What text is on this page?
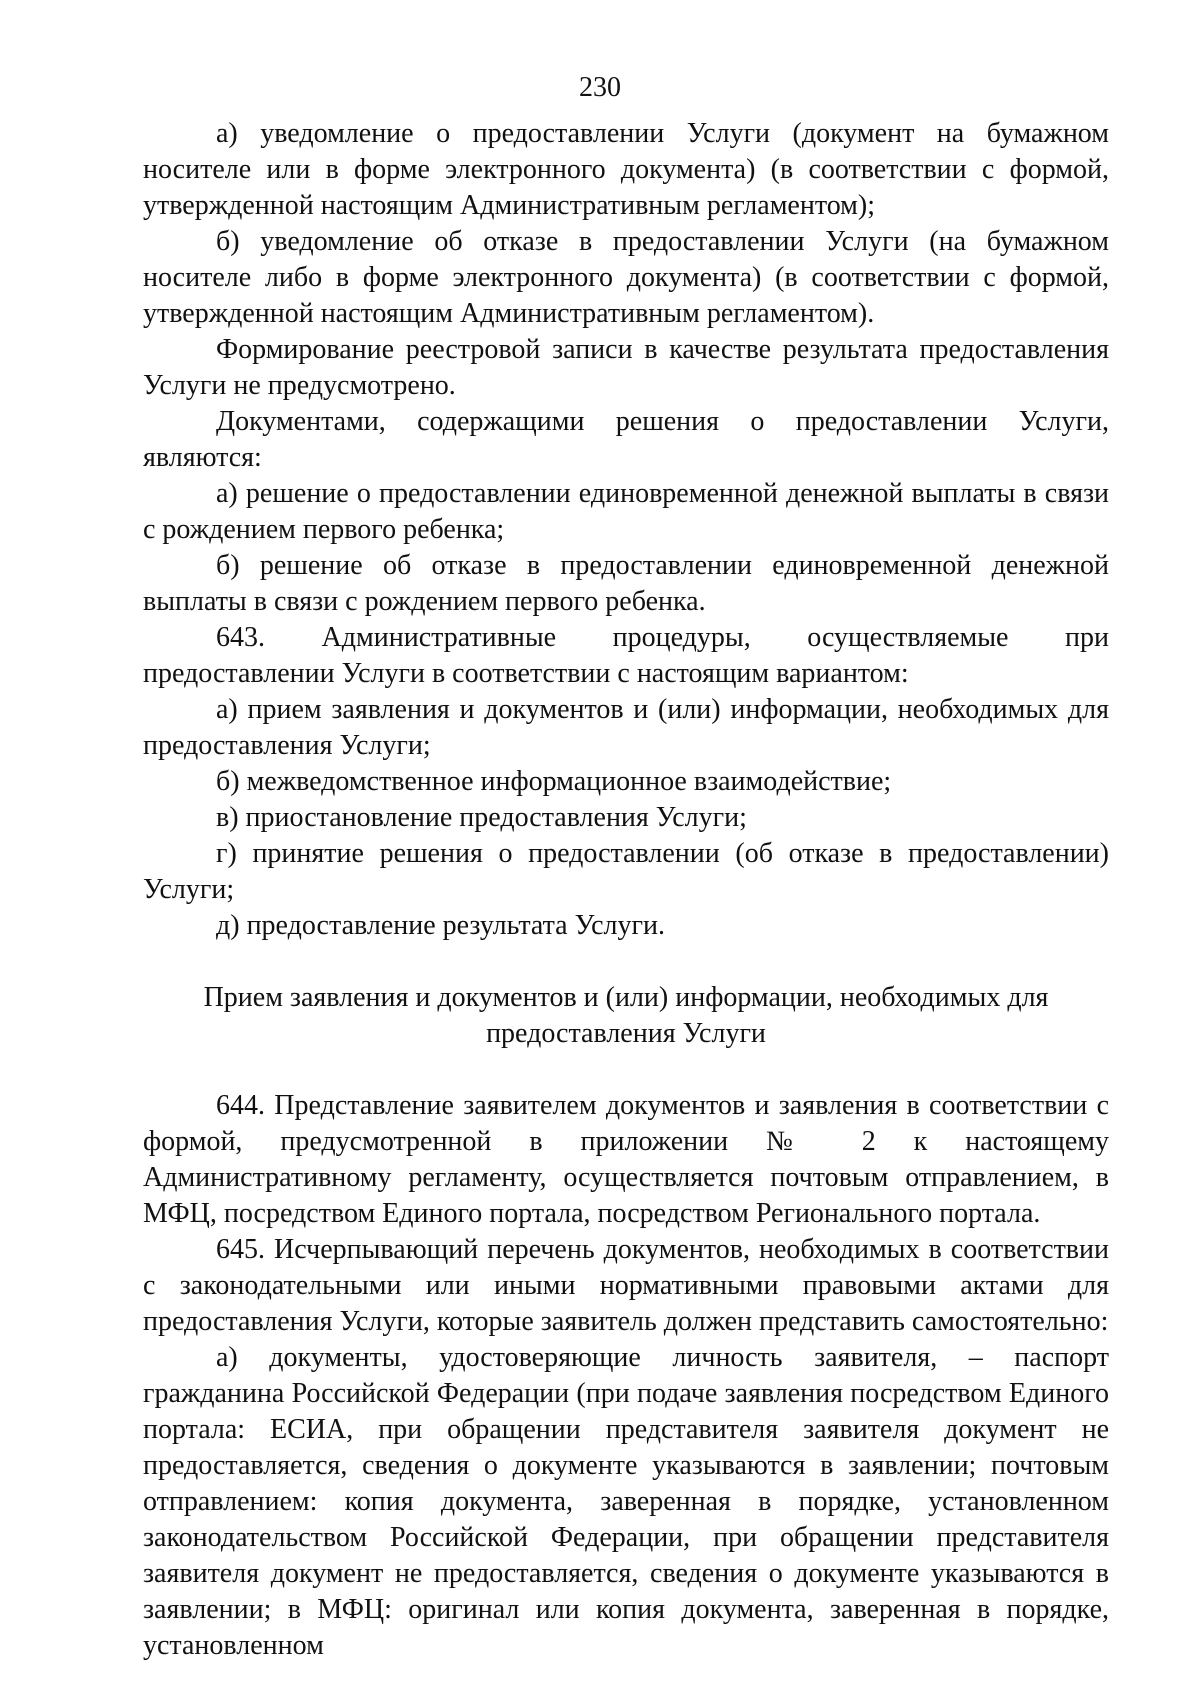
230

а) уведомление о предоставлении Услуги (документ на бумажном носителе или в форме электронного документа) (в соответствии с формой, утвержденной настоящим Административным регламентом);

б) уведомление об отказе в предоставлении Услуги (на бумажном носителе либо в форме электронного документа) (в соответствии с формой, утвержденной настоящим Административным регламентом).

Формирование реестровой записи в качестве результата предоставления Услуги не предусмотрено.

Документами, содержащими решения о предоставлении Услуги, являются:

а) решение о предоставлении единовременной денежной выплаты в связи с рождением первого ребенка;

б) решение об отказе в предоставлении единовременной денежной выплаты в связи с рождением первого ребенка.

643. Административные процедуры, осуществляемые при предоставлении Услуги в соответствии с настоящим вариантом:

а) прием заявления и документов и (или) информации, необходимых для предоставления Услуги;

б) межведомственное информационное взаимодействие;

в) приостановление предоставления Услуги;

г) принятие решения о предоставлении (об отказе в предоставлении) Услуги;

д) предоставление результата Услуги.

Прием заявления и документов и (или) информации, необходимых для
предоставления Услуги

644. Представление заявителем документов и заявления в соответствии с формой, предусмотренной в приложении № 2 к настоящему Административному регламенту, осуществляется почтовым отправлением, в МФЦ, посредством Единого портала, посредством Регионального портала.

645. Исчерпывающий перечень документов, необходимых в соответствии с законодательными или иными нормативными правовыми актами для предоставления Услуги, которые заявитель должен представить самостоятельно:

а) документы, удостоверяющие личность заявителя, – паспорт гражданина Российской Федерации (при подаче заявления посредством Единого портала: ЕСИА, при обращении представителя заявителя документ не предоставляется, сведения о документе указываются в заявлении; почтовым отправлением: копия документа, заверенная в порядке, установленном законодательством Российской Федерации, при обращении представителя заявителя документ не предоставляется, сведения о документе указываются в заявлении; в МФЦ: оригинал или копия документа, заверенная в порядке, установленном
